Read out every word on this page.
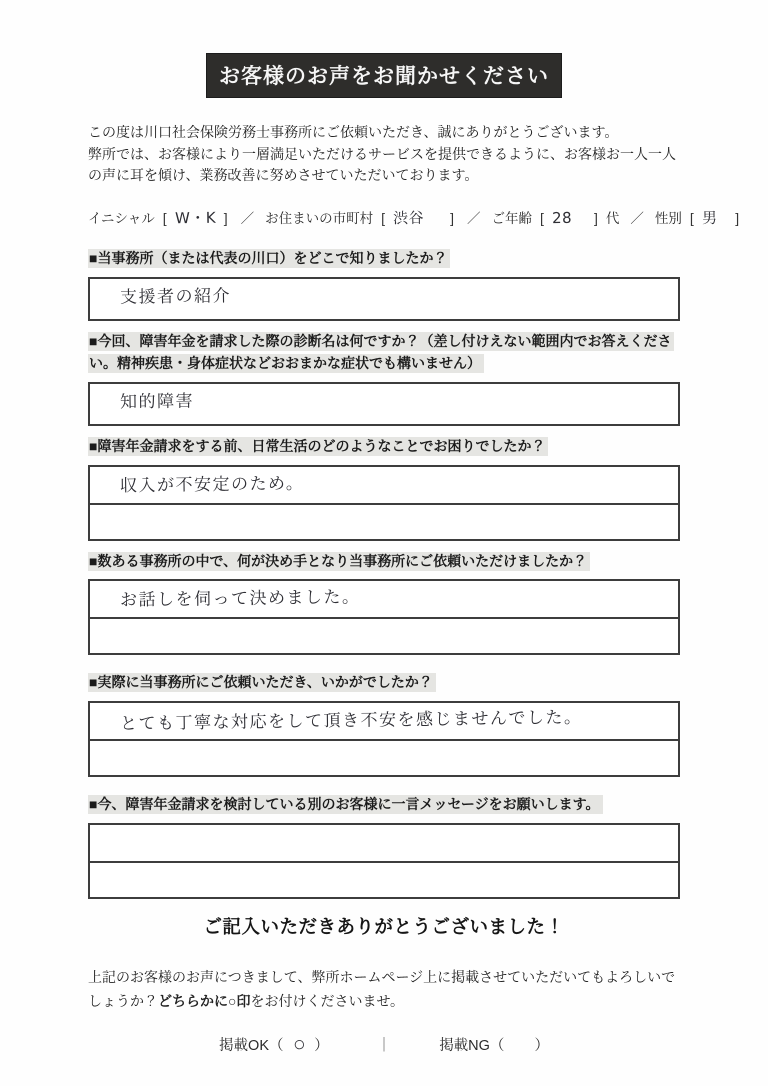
お客様のお声をお聞かせください

この度は川口社会保険労務士事務所にご依頼いただき、誠にありがとうございます。

弊所では、お客様により一層満足いただけるサービスを提供できるように、お客様お一人一人の声に耳を傾け、業務改善に努めさせていただいております。

イニシャル [ W・K ] ／ お住まいの市町村 [ 渋谷	] ／ ご年齢 [ 28	] 代 ／ 性別 [ 男	]

■当事務所（または代表の川口）をどこで知りましたか？

支援者の紹介

■今回、障害年金を請求した際の診断名は何ですか？（差し付けえない範囲内でお答えください。精神疾患・身体症状などおおまかな症状でも構いません）

知的障害

■障害年金請求をする前、日常生活のどのようなことでお困りでしたか？

収入が不安定のため。

■数ある事務所の中で、何が決め手となり当事務所にご依頼いただけましたか？

お話しを伺って決めました。

■実際に当事務所にご依頼いただき、いかがでしたか？

とても丁寧な対応をして頂き不安を感じませんでした。

■今、障害年金請求を検討している別のお客様に一言メッセージをお願いします。

ご記入いただきありがとうございました！
上記のお客様のお声につきまして、弊所ホームページ上に掲載させていただいてもよろしいでしょうか？どちらかに○印をお付けくださいませ。
掲載OK（ ○ ）	｜	掲載NG（ ）
